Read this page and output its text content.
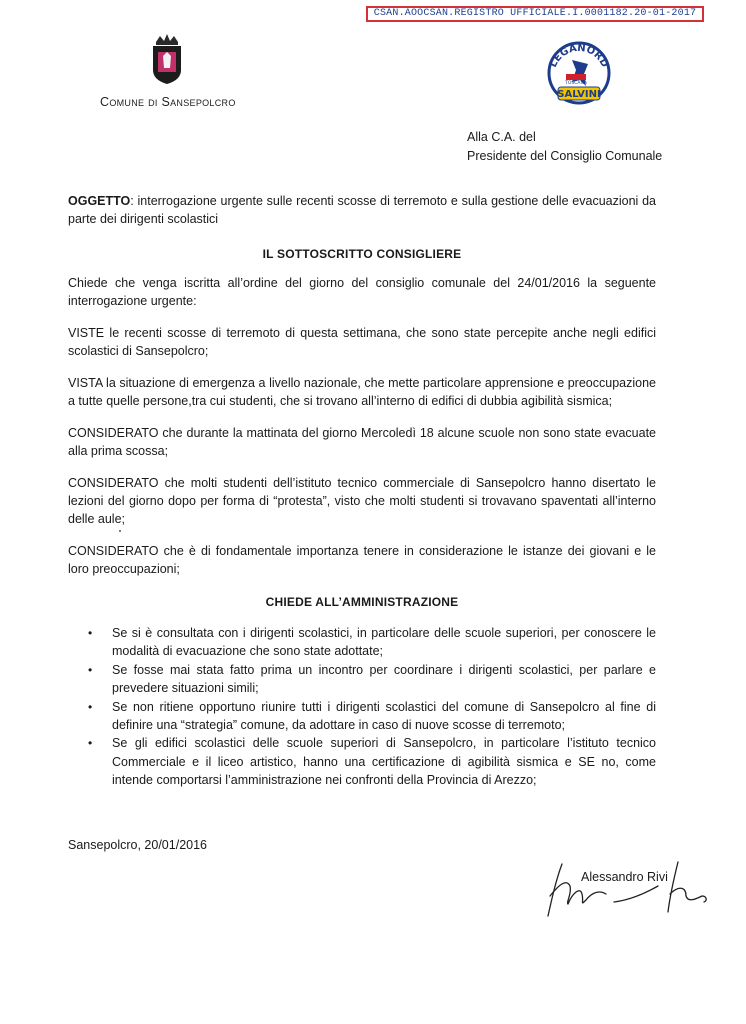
CSAN.AOOCSAN.REGISTRO UFFICIALE.I.0001182.20-01-2017
Comune di Sansepolcro
LEGANORD
TOSCANA
SALVINI
Alla C.A. del
Presidente del Consiglio Comunale

OGGETTO: interrogazione urgente sulle recenti scosse di terremoto e sulla gestione delle evacuazioni da parte dei dirigenti scolastici

IL SOTTOSCRITTO CONSIGLIERE

Chiede che venga iscritta all’ordine del giorno del consiglio comunale del 24/01/2016 la seguente interrogazione urgente:

VISTE le recenti scosse di terremoto di questa settimana, che sono state percepite anche negli edifici scolastici di Sansepolcro;

VISTA la situazione di emergenza a livello nazionale, che mette particolare apprensione e preoccupazione a tutte quelle persone,tra cui studenti, che si trovano all’interno di edifici di dubbia agibilità sismica;

CONSIDERATO che durante la mattinata del giorno Mercoledì 18 alcune scuole non sono state evacuate alla prima scossa;

CONSIDERATO che molti studenti dell’istituto tecnico commerciale di Sansepolcro hanno disertato le lezioni del giorno dopo per forma di “protesta”, visto che molti studenti si trovavano spaventati all’interno delle aule;

CONSIDERATO che è di fondamentale importanza tenere in considerazione le istanze dei giovani e le loro preoccupazioni;

CHIEDE ALL’AMMINISTRAZIONE
• Se si è consultata con i dirigenti scolastici, in particolare delle scuole superiori, per conoscere le modalità di evacuazione che sono state adottate;
• Se fosse mai stata fatto prima un incontro per coordinare i dirigenti scolastici, per parlare e prevedere situazioni simili;
• Se non ritiene opportuno riunire tutti i dirigenti scolastici del comune di Sansepolcro al fine di definire una “strategia” comune, da adottare in caso di nuove scosse di terremoto;
• Se gli edifici scolastici delle scuole superiori di Sansepolcro, in particolare l’istituto tecnico Commerciale e il liceo artistico, hanno una certificazione di agibilità sismica e SE no, come intende comportarsi l’amministrazione nei confronti della Provincia di Arezzo;
Sansepolcro, 20/01/2016
Alessandro Rivi
